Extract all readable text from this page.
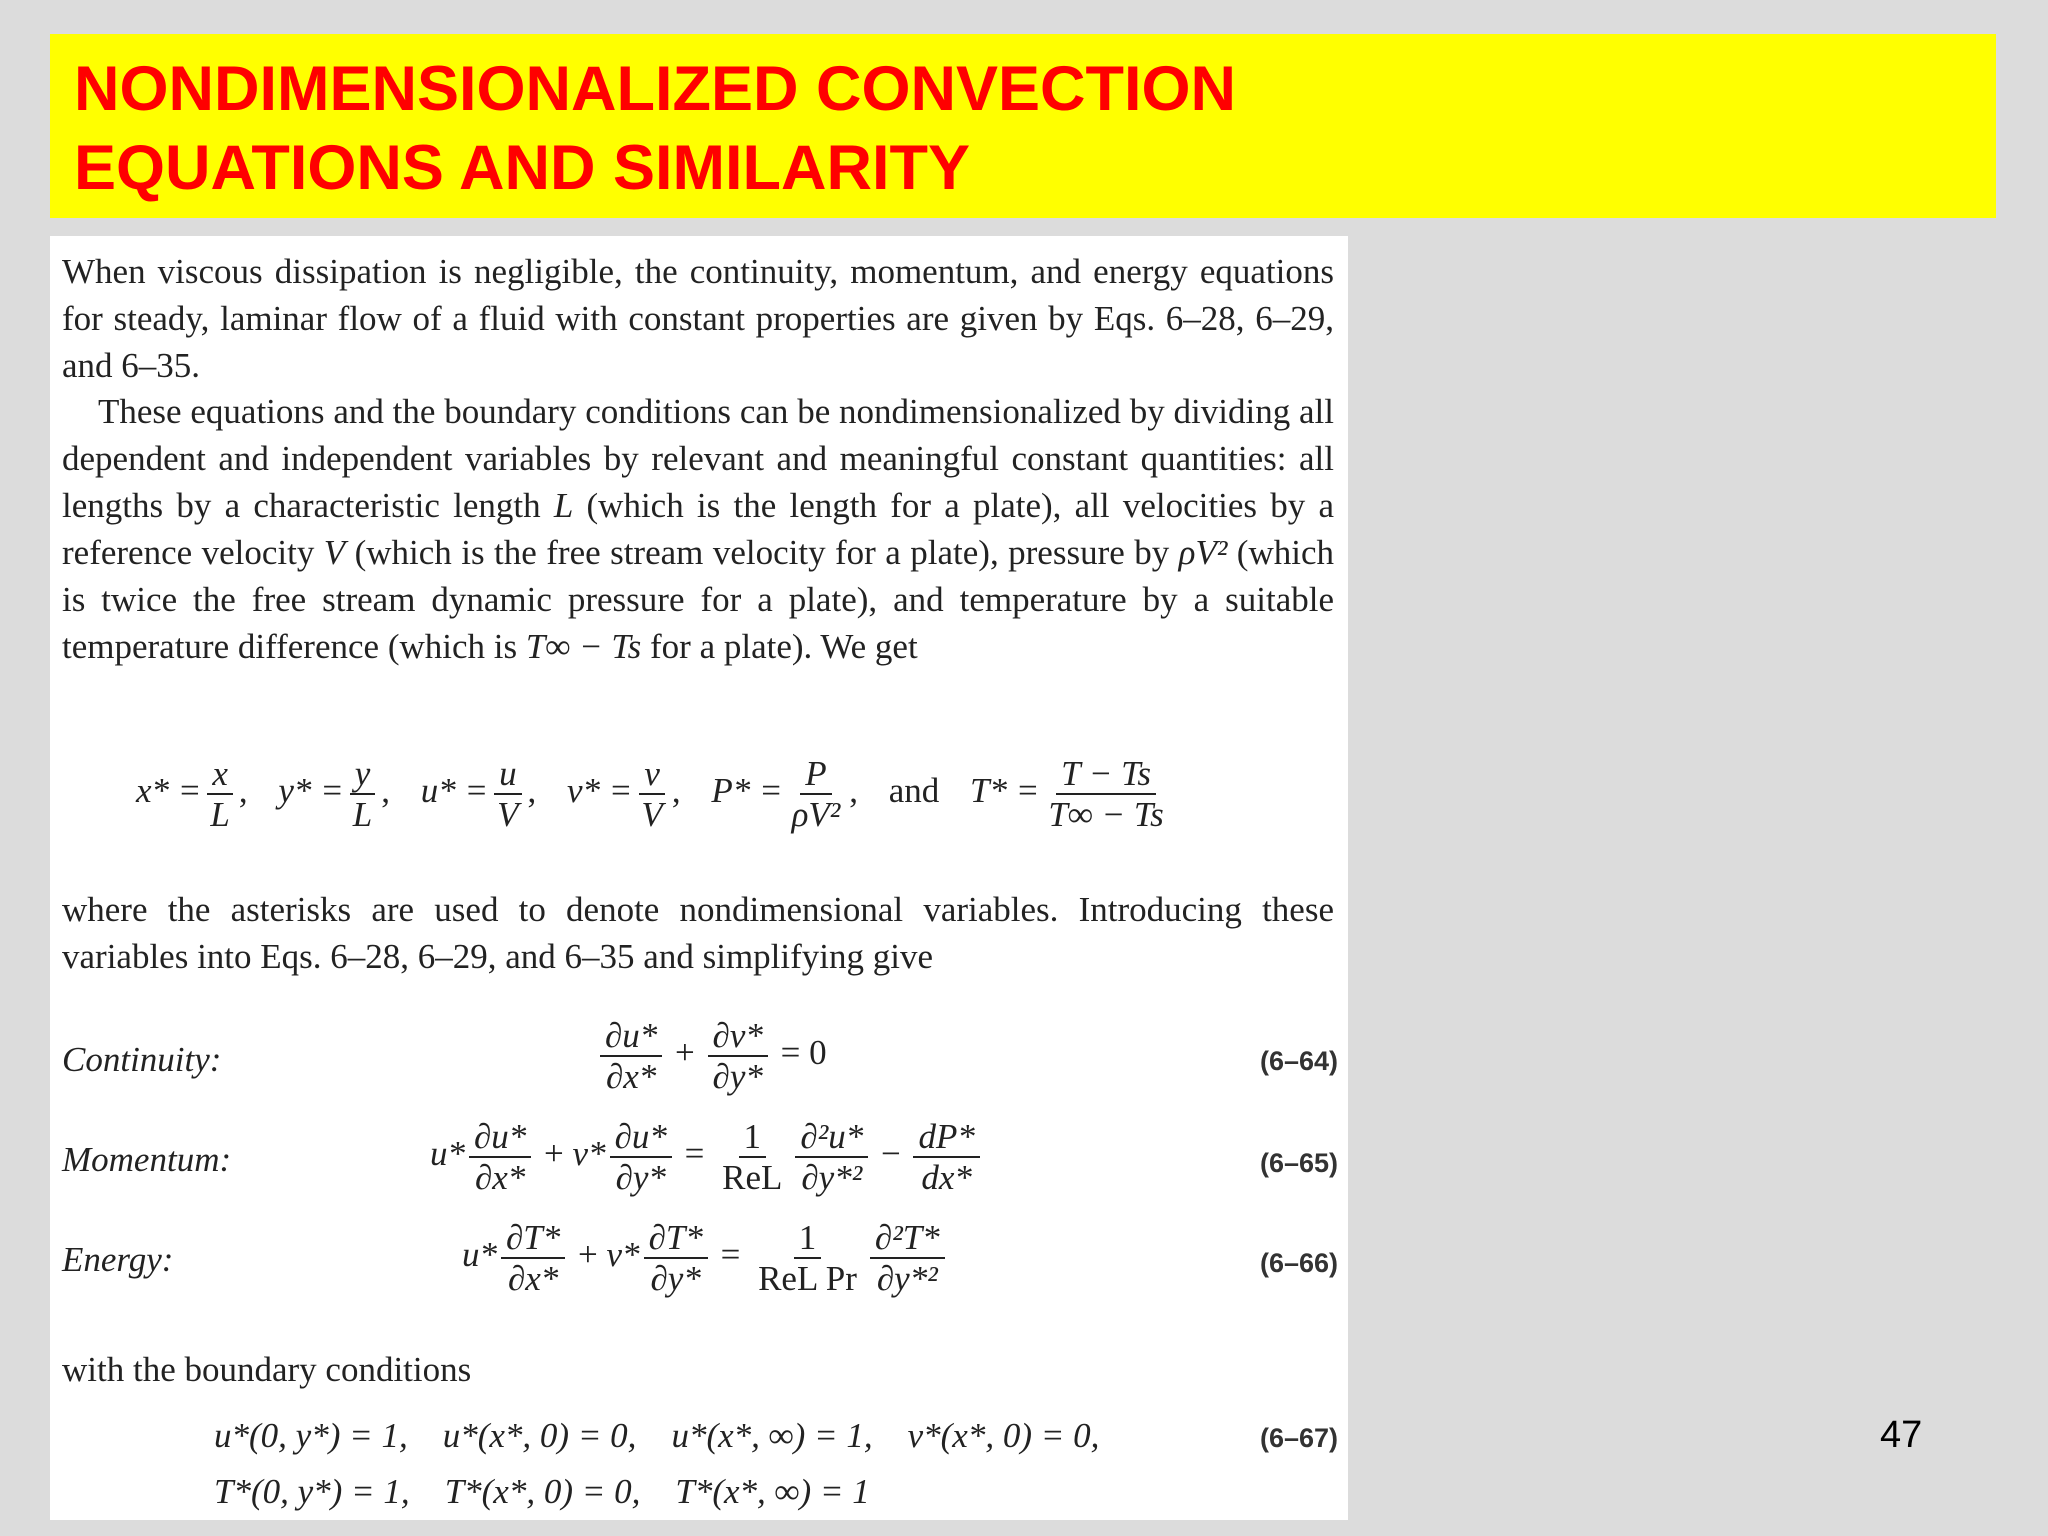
NONDIMENSIONALIZED CONVECTION
EQUATIONS AND SIMILARITY

When viscous dissipation is negligible, the continuity, momentum, and energy equations for steady, laminar flow of a fluid with constant properties are given by Eqs. 6–28, 6–29, and 6–35.

These equations and the boundary conditions can be nondimensionalized by dividing all dependent and independent variables by relevant and meaningful constant quantities: all lengths by a characteristic length L (which is the length for a plate), all velocities by a reference velocity V (which is the free stream velocity for a plate), pressure by ρV² (which is twice the free stream dynamic pressure for a plate), and temperature by a suitable temperature difference (which is T∞ − Ts for a plate). We get

$x* = \frac{x}{L}$ , $y* = \frac{y}{L}$ , $u* = \frac{u}{V}$ , $v* = \frac{v}{V}$ , $P* = \frac{P}{\text{ρV²}}$ , and $T* = \frac{T - Ts}{T\infty - Ts}$

where the asterisks are used to denote nondimensional variables. Introducing these variables into Eqs. 6–28, 6–29, and 6–35 and simplifying give

Continuity:	$\frac{\partial u*}{\partial x*} + \frac{\partial v*}{\partial y*} = 0$	(6–64)
Momentum:	$u* \frac{\partial u*}{\partial x*} + v* \frac{\partial u*}{\partial y*} = \frac{1}{\text{ReL}} \frac{\text{∂²u*}}{\text{∂y*²}} - \frac{dP*}{dx*}$	(6–65)
Energy:	$u* \frac{\partial T*}{\partial x*} + v* \frac{\partial T*}{\partial y*} = \frac{1}{\text{ReL Pr}} \frac{\text{∂²T*}}{\text{∂y*²}}$	(6–66)

with the boundary conditions

u*(0, y*) = 1, u*(x*, 0) = 0, u*(x*, ∞) = 1, v*(x*, 0) = 0,	(6–67)
T*(0, y*) = 1, T*(x*, 0) = 0, T*(x*, ∞) = 1
47
